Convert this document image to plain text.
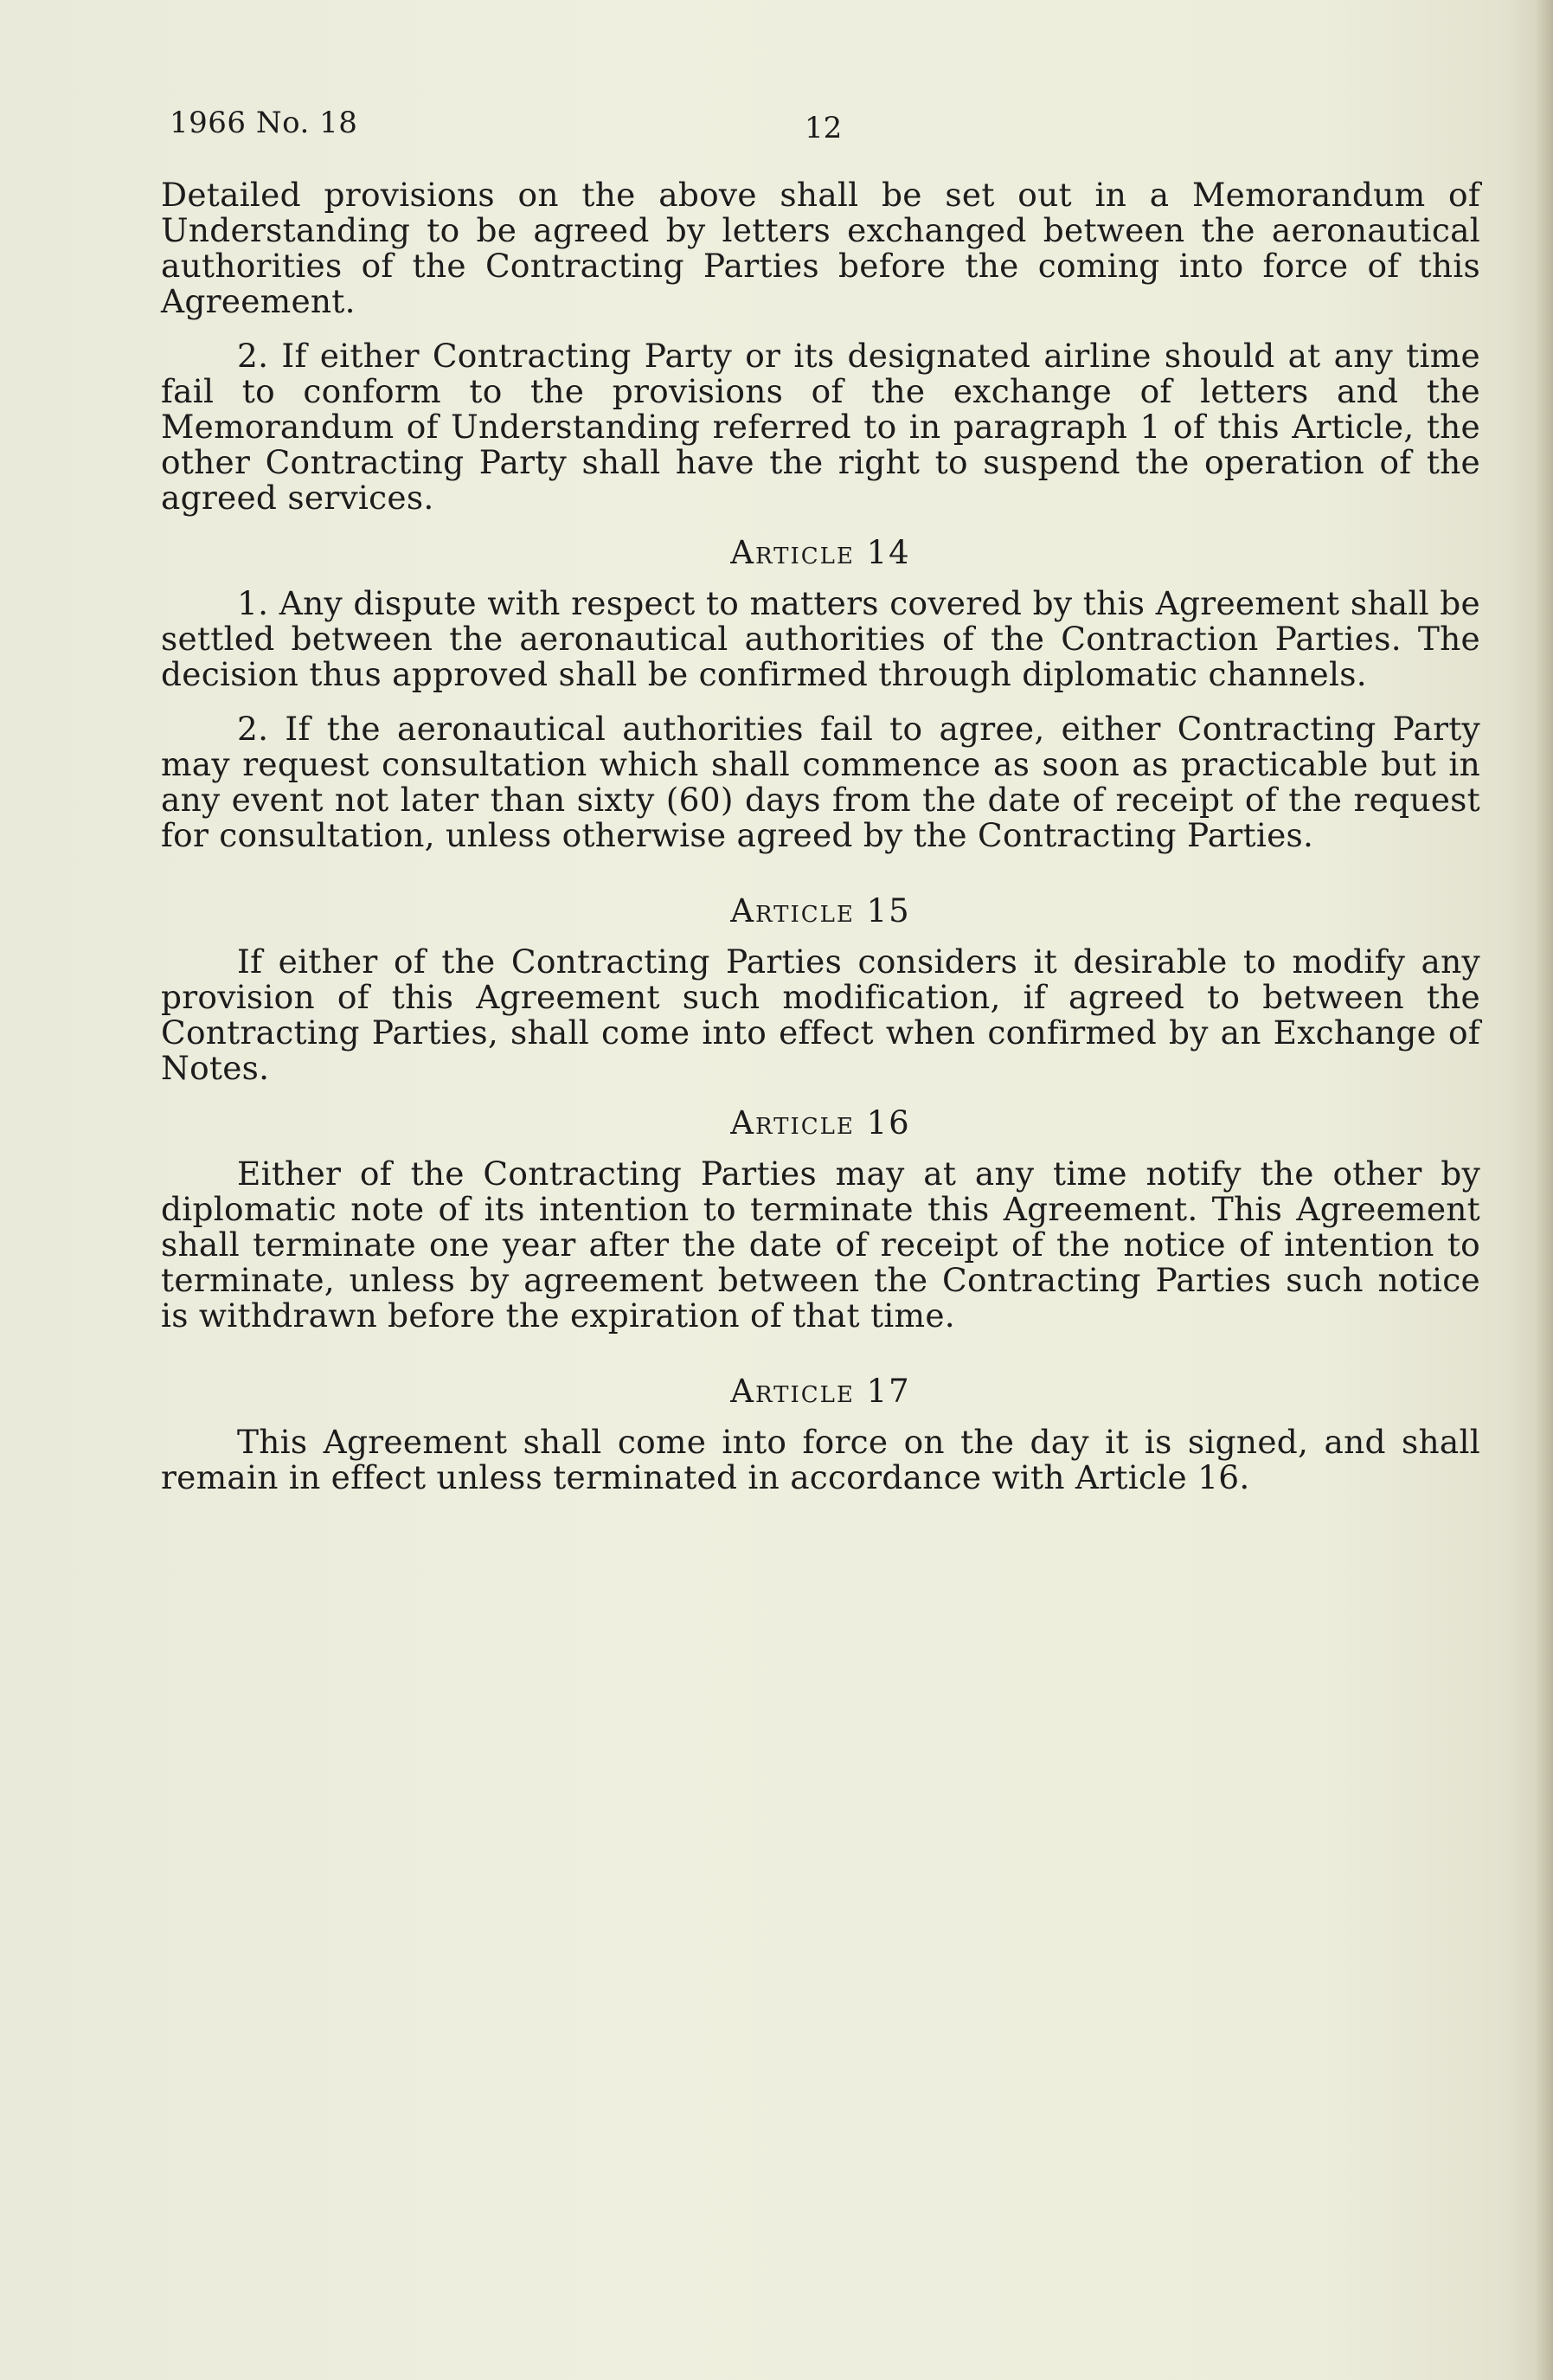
1966 No. 18	12

Detailed provisions on the above shall be set out in a Memorandum of Understanding to be agreed by letters exchanged between the aeronautical authorities of the Contracting Parties before the coming into force of this Agreement.

2. If either Contracting Party or its designated airline should at any time fail to conform to the provisions of the exchange of letters and the Memorandum of Understanding referred to in paragraph 1 of this Article, the other Contracting Party shall have the right to suspend the operation of the agreed services.

Article 14

1. Any dispute with respect to matters covered by this Agreement shall be settled between the aeronautical authorities of the Contraction Parties. The decision thus approved shall be confirmed through diplomatic channels.

2. If the aeronautical authorities fail to agree, either Contracting Party may request consultation which shall commence as soon as practicable but in any event not later than sixty (60) days from the date of receipt of the request for consultation, unless otherwise agreed by the Contracting Parties.

Article 15

If either of the Contracting Parties considers it desirable to modify any provision of this Agreement such modification, if agreed to between the Contracting Parties, shall come into effect when confirmed by an Exchange of Notes.

Article 16

Either of the Contracting Parties may at any time notify the other by diplomatic note of its intention to terminate this Agreement. This Agreement shall terminate one year after the date of receipt of the notice of intention to terminate, unless by agreement between the Contracting Parties such notice is withdrawn before the expiration of that time.

Article 17

This Agreement shall come into force on the day it is signed, and shall remain in effect unless terminated in accordance with Article 16.
